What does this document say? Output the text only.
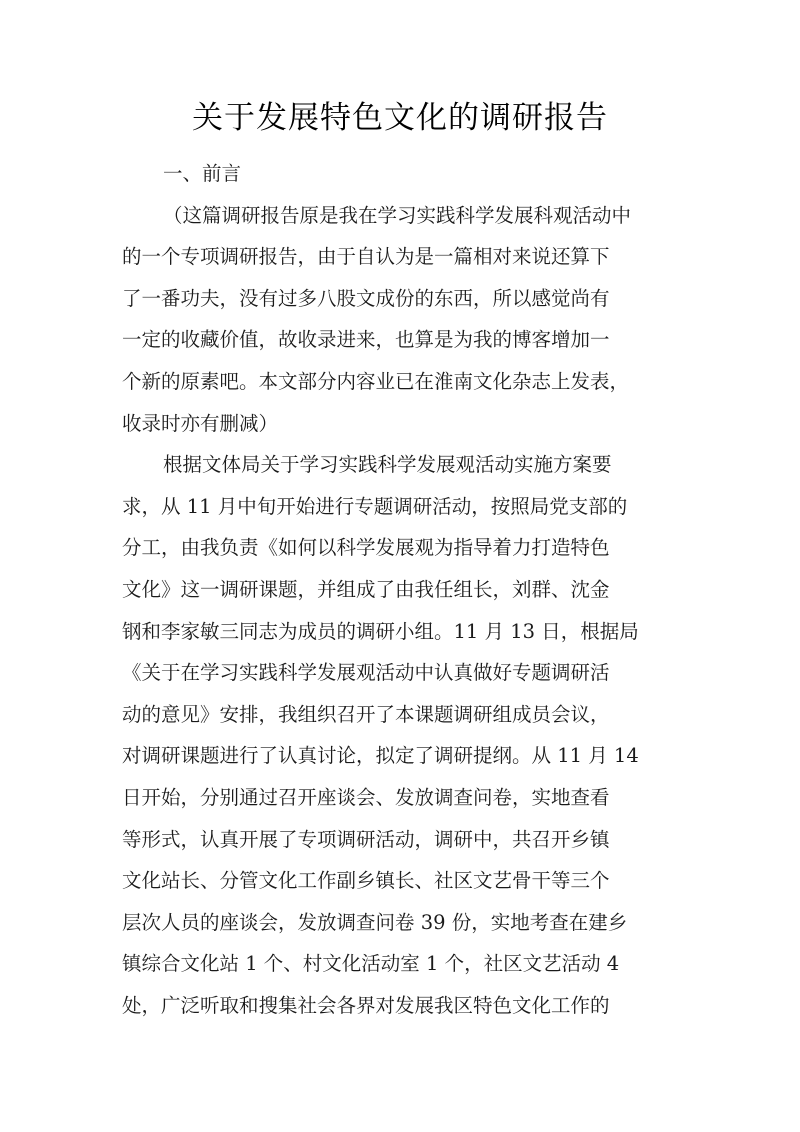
关于发展特色文化的调研报告
一、前言
（这篇调研报告原是我在学习实践科学发展科观活动中
的一个专项调研报告，由于自认为是一篇相对来说还算下
了一番功夫，没有过多八股文成份的东西，所以感觉尚有
一定的收藏价值，故收录进来，也算是为我的博客增加一
个新的原素吧。本文部分内容业已在淮南文化杂志上发表，
收录时亦有删减）
根据文体局关于学习实践科学发展观活动实施方案要
求，从 11 月中旬开始进行专题调研活动，按照局党支部的
分工，由我负责《如何以科学发展观为指导着力打造特色
文化》这一调研课题，并组成了由我任组长，刘群、沈金
钢和李家敏三同志为成员的调研小组。11 月 13 日，根据局
《关于在学习实践科学发展观活动中认真做好专题调研活
动的意见》安排，我组织召开了本课题调研组成员会议，
对调研课题进行了认真讨论，拟定了调研提纲。从 11 月 14
日开始，分别通过召开座谈会、发放调查问卷，实地查看
等形式，认真开展了专项调研活动，调研中，共召开乡镇
文化站长、分管文化工作副乡镇长、社区文艺骨干等三个
层次人员的座谈会，发放调查问卷 39 份，实地考查在建乡
镇综合文化站 1 个、村文化活动室 1 个，社区文艺活动 4
处，广泛听取和搜集社会各界对发展我区特色文化工作的
